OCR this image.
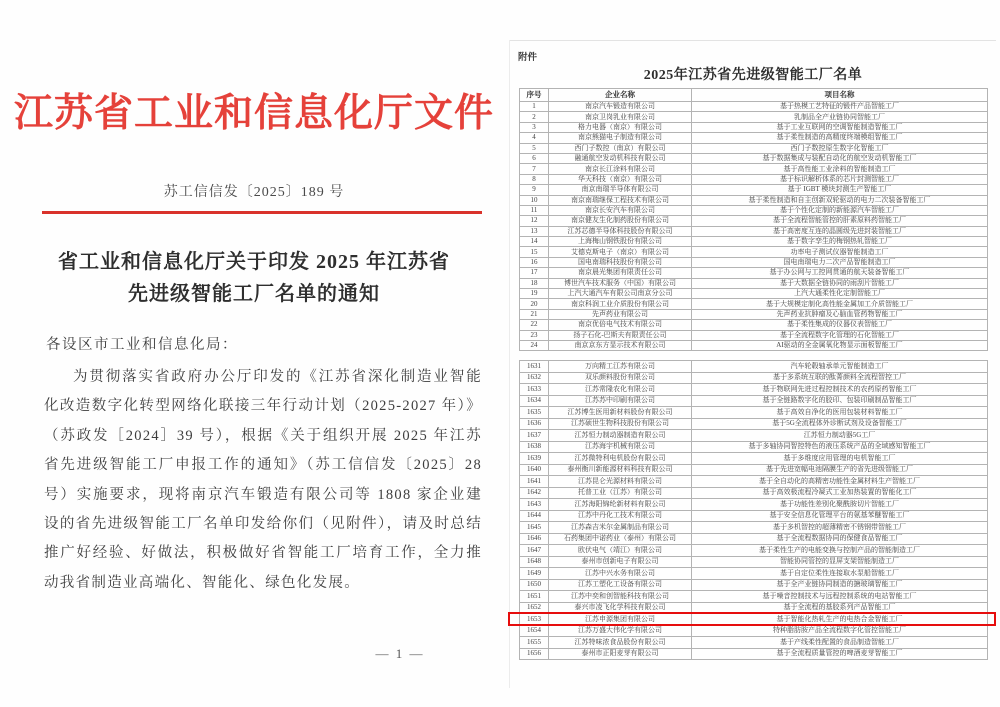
江苏省工业和信息化厅文件
苏工信信发〔2025〕189 号
省工业和信息化厅关于印发 2025 年江苏省
先进级智能工厂名单的通知
各设区市工业和信息化局：
为贯彻落实省政府办公厅印发的《江苏省深化制造业智能化改造数字化转型网络化联接三年行动计划（2025-2027 年）》（苏政发［2024］39 号），根据《关于组织开展 2025 年江苏省先进级智能工厂申报工作的通知》（苏工信信发〔2025〕28 号）实施要求，现将南京汽车锻造有限公司等 1808 家企业建设的省先进级智能工厂名单印发给你们（见附件），请及时总结推广好经验、好做法，积极做好省智能工厂培育工作，全力推动我省制造业高端化、智能化、绿色化发展。
— 1 —
附件
2025年江苏省先进级智能工厂名单
序号	企业名称	项目名称
1	南京汽车锻造有限公司	基于热模工艺特征的锻件产品智能工厂
2	南京卫岗乳业有限公司	乳制品全产业链协同智能工厂
3	格力电器（南京）有限公司	基于工业互联网的空调智能制造智能工厂
4	南京熊猫电子制造有限公司	基于柔性制造的高精度终端模组智能工厂
5	西门子数控（南京）有限公司	西门子数控原生数字化智能工厂
6	融通航空发动机科技有限公司	基于数据集成与装配自动化的航空发动机智能工厂
7	南京长江涂料有限公司	基于高性能工业涂料的智能制造工厂
8	华天科技（南京）有限公司	基于标识解析体系的芯片封测智能工厂
9	南京南瑞半导体有限公司	基于 IGBT 模块封测生产智能工厂
10	南京南瑞继保工程技术有限公司	基于柔性制造和自主创新双轮驱动的电力二次装备智能工厂
11	南京长安汽车有限公司	基于个性化定制的新能源汽车智能工厂
12	南京健友生化制药股份有限公司	基于全流程智能管控的肝素原料药智能工厂
13	江苏芯德半导体科技股份有限公司	基于高密度互连的晶圆级先进封装智能工厂
14	上海梅山钢铁股份有限公司	基于数字孪生的梅钢热轧智能工厂
15	艾德克斯电子（南京）有限公司	功率电子测试仪器智能制造工厂
16	国电南瑞科技股份有限公司	国电南瑞电力二次产品智能制造工厂
17	南京晨光集团有限责任公司	基于办公网与工控网贯通的航天装备智能工厂
18	博世汽车技术服务（中国）有限公司	基于大数据全链协同的雨刮片智能工厂
19	上汽大通汽车有限公司南京分公司	上汽大通柔性化定制智能工厂
20	南京科润工业介质股份有限公司	基于大规模定制化高性能金属加工介质智能工厂
21	先声药业有限公司	先声药业抗肿瘤及心脑血管药物智能工厂
22	南京优倍电气技术有限公司	基于柔性集成的仪器仪表智能工厂
23	扬子石化-巴斯夫有限责任公司	基于全流程数字化管理的石化智能工厂
24	南京京东方显示技术有限公司	AI驱动的全金属氧化物显示面板智能工厂
1631	万向精工江苏有限公司	汽车轮毂轴承单元智能制造工厂
1632	双乐颜料股份有限公司	基于多系统互联的酞菁颜料全流程智控工厂
1633	江苏常隆农化有限公司	基于物联网先进过程控制技术的农药原药智能工厂
1634	江苏苏中印刷有限公司	基于全链路数字化的胶印、包装印刷制品智能工厂
1635	江苏博生医用新材料股份有限公司	基于高效自净化的医用包装材料智能工厂
1636	江苏硕世生物科技股份有限公司	基于5G全流程体外诊断试剂及设备智能工厂
1637	江苏恒力制动器制造有限公司	江苏恒力制动器5G工厂
1638	江苏海宇机械有限公司	基于多轴协同智控特色的液压系统产品的全域感知智能工厂
1639	江苏微特利电机股份有限公司	基于多维度应用管理的电机智能工厂
1640	泰州衡川新能源材料科技有限公司	基于先进宽幅电池隔膜生产的省先进级智能工厂
1641	江苏昆仑光源材料有限公司	基于全自动化的高精密功能性金属材料生产智能工厂
1642	托普工业（江苏）有限公司	基于高效极流程冷凝式工业加热装置的智能化工厂
1643	江苏海阳锦纶新材料有限公司	基于功能性差别化聚酰胺切片智能工厂
1644	江苏中丹化工技术有限公司	基于安全信息化管理平台的氨基苯醚智能工厂
1645	江苏森吉米尔金属制品有限公司	基于多机智控的超薄精密不锈钢带智能工厂
1646	石药集团中诺药业（泰州）有限公司	基于全流程数据协同的保健食品智能工厂
1647	欧伏电气（靖江）有限公司	基于柔性生产的电能变换与控制产品的智能制造工厂
1648	泰州市创新电子有限公司	智能协同管控的显屏支架智能制造工厂
1649	江苏中兴水务有限公司	基于自定位柔性连接取水泵船智能工厂
1650	江苏工塑化工设备有限公司	基于全产业链协同制造的搪玻璃智能工厂
1651	江苏中奕和创智能科技有限公司	基于噪音控制技术与远程控制系统的电站智能工厂
1652	泰兴市凌飞化学科技有限公司	基于全流程的基胶系列产品智能工厂
1653	江苏申源集团有限公司	基于智能化热轧生产的电热合金智能工厂
1654	江苏万盛大伟化学有限公司	特种脂肪胺产品全流程数字化管控智能工厂
1655	江苏特味浓食品股份有限公司	基于产线柔性配置的食品制造智能工厂
1656	泰州市正阳麦芽有限公司	基于全流程质量管控的啤酒麦芽智能工厂
